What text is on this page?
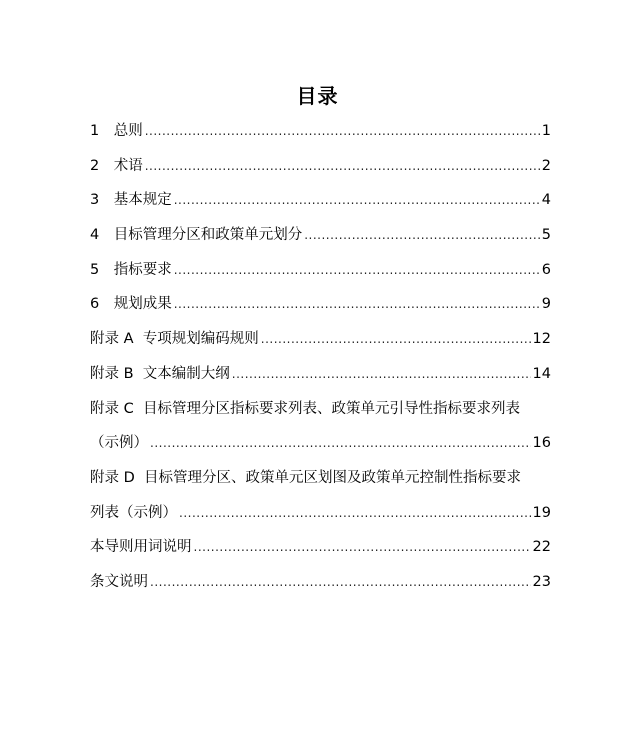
目录
1　总则 .....	1
2　术语 .....	2
3　基本规定 .....	4
4　目标管理分区和政策单元划分 .....	5
5　指标要求 .....	6
6　规划成果 .....	9
附录 A  专项规划编码规则 .....	12
附录 B  文本编制大纲 .....	14
附录 C  目标管理分区指标要求列表、政策单元引导性指标要求列表
（示例） .....	16
附录 D  目标管理分区、政策单元区划图及政策单元控制性指标要求
列表（示例） .....	19
本导则用词说明 .....	22
条文说明 .....	23
